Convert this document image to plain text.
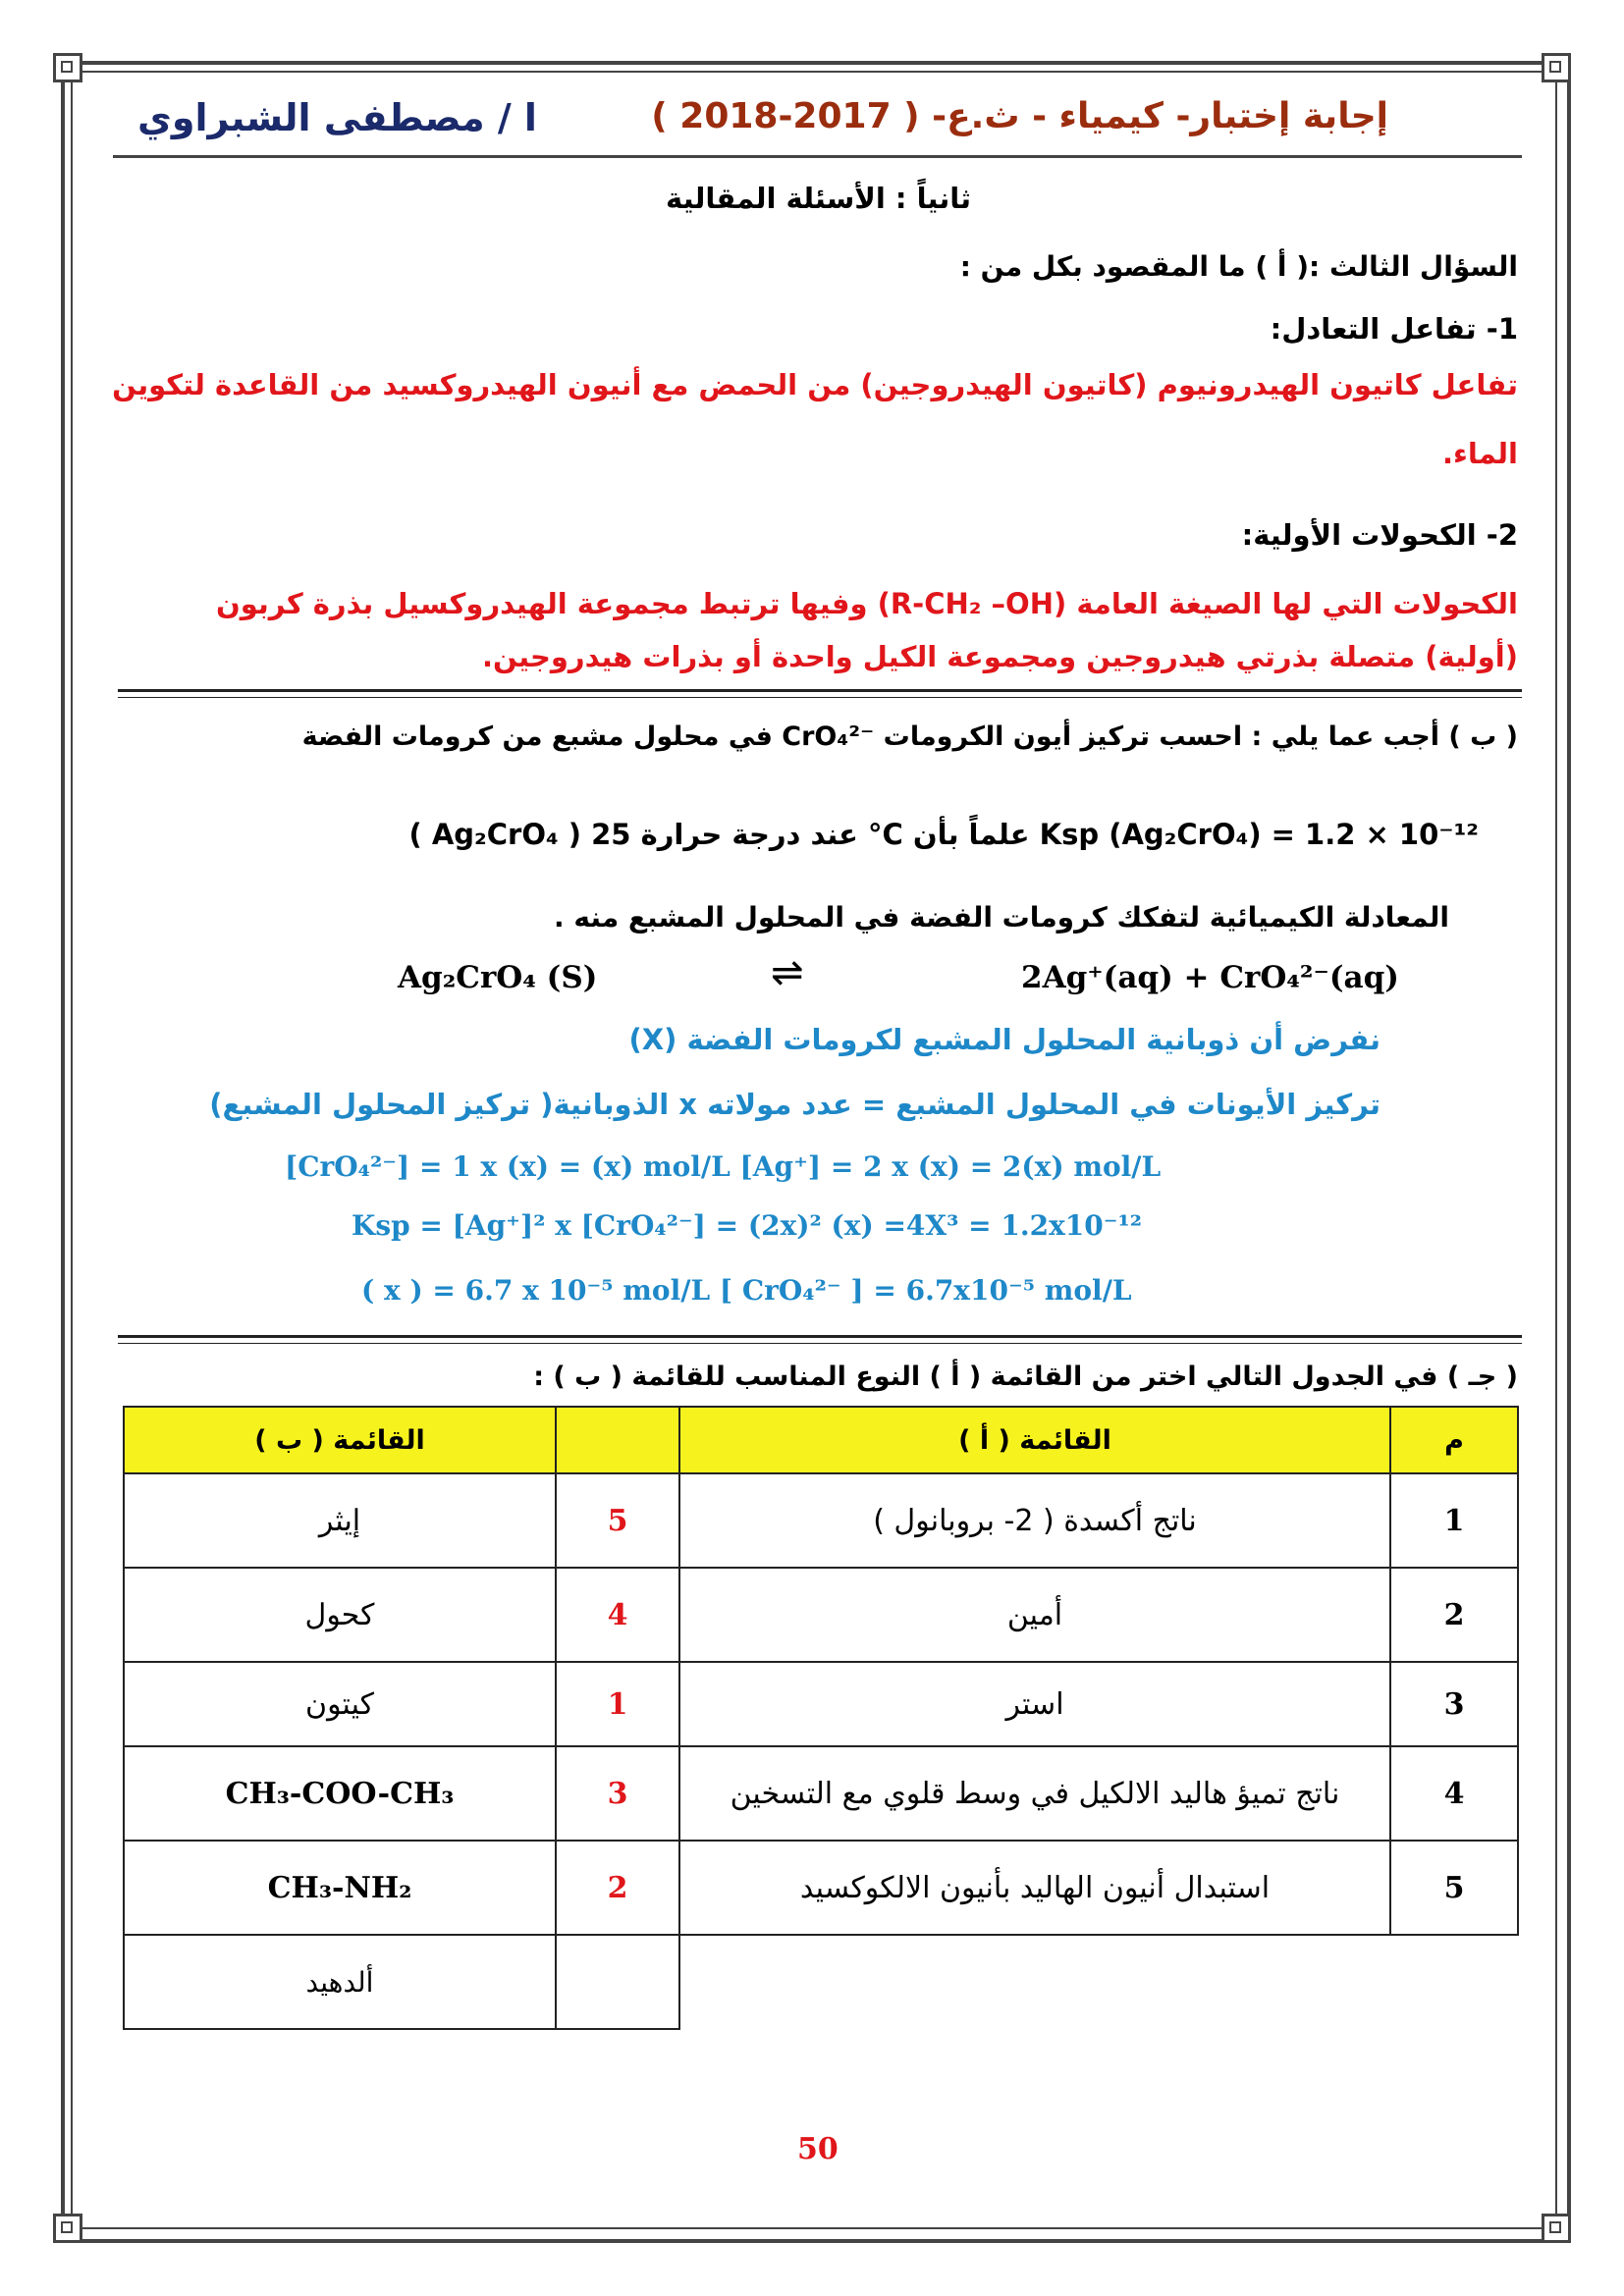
ا / مصطفى الشبراوي	إجابة إختبار- كيمياء - ث.ع- ( 2017-2018 )
ثانياً : الأسئلة المقالية
السؤال الثالث :( أ ) ما المقصود بكل من :
1- تفاعل التعادل:
تفاعل كاتيون الهيدرونيوم (كاتيون الهيدروجين) من الحمض مع أنيون الهيدروكسيد من القاعدة لتكوين
الماء.
2- الكحولات الأولية:
الكحولات التي لها الصيغة العامة (R-CH₂ –OH) وفيها ترتبط مجموعة الهيدروكسيل بذرة كربون
(أولية) متصلة بذرتي هيدروجين ومجموعة الكيل واحدة أو بذرات هيدروجين.
( ب ) أجب عما يلي : احسب تركيز أيون الكرومات ‎CrO₄²⁻‎ في محلول مشبع من كرومات الفضة
( Ag₂CrO₄ ) عند درجة حرارة 25 °C علماً بأن Ksp (Ag₂CrO₄) = 1.2 × 10⁻¹²
المعادلة الكيميائية لتفكك كرومات الفضة في المحلول المشبع منه .
Ag₂CrO₄ (S)	⇌	2Ag⁺(aq) + CrO₄²⁻(aq)
نفرض أن ذوبانية المحلول المشبع لكرومات الفضة (X)
تركيز الأيونات في المحلول المشبع = عدد مولاته x الذوبانية( تركيز المحلول المشبع)
[CrO₄²⁻] = 1 x (x) = (x) mol/L [Ag⁺] = 2 x (x) = 2(x) mol/L
Ksp = [Ag⁺]² x [CrO₄²⁻] = (2x)² (x) =4X³ = 1.2x10⁻¹²
( x ) = 6.7 x 10⁻⁵ mol/L [ CrO₄²⁻ ] = 6.7x10⁻⁵ mol/L
( جـ ) في الجدول التالي اختر من القائمة ( أ ) النوع المناسب للقائمة ( ب ) :
م	القائمة ( أ )		القائمة ( ب )
1	ناتج أكسدة ( 2- بروبانول )	5	إيثر
2	أمين	4	كحول
3	استر	1	كيتون
4	ناتج تميؤ هاليد الالكيل في وسط قلوي مع التسخين	3	CH₃-COO-CH₃
5	استبدال أنيون الهاليد بأنيون الالكوكسيد	2	CH₃-NH₂
			ألدهيد
50
